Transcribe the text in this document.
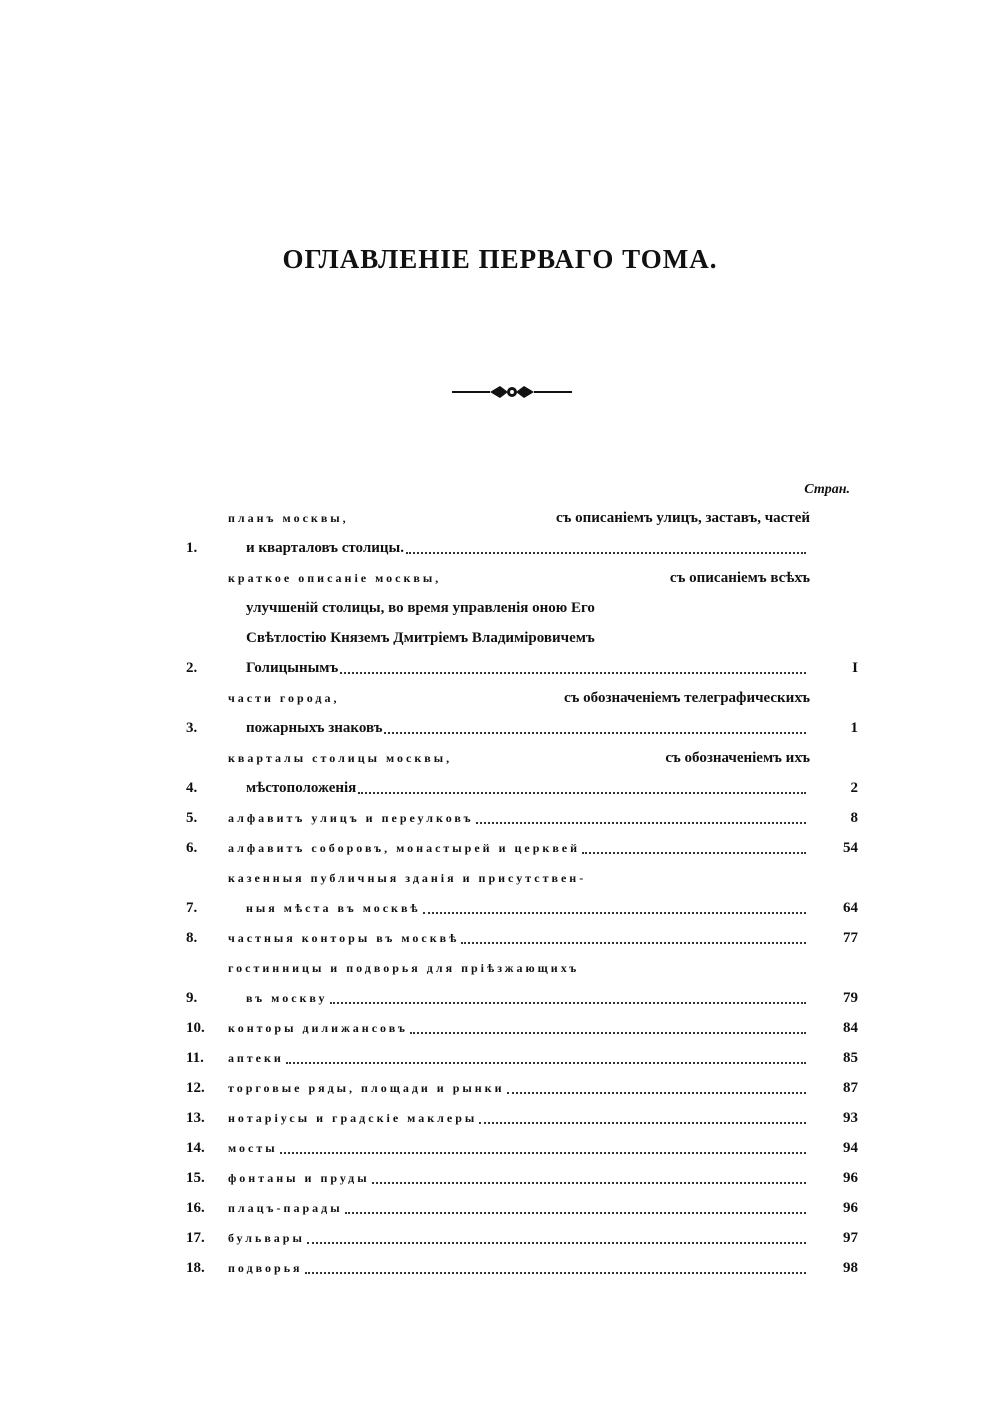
ОГЛАВЛЕНIЕ ПЕРВАГО ТОМА.
Стран.
1.
планъ москвы,	съ описанiемъ улицъ, заставъ, частей
и кварталовъ столицы.
2.
краткое описанiе москвы,	съ описанiемъ всѣхъ
улучшенiй столицы, во время управленiя оною Его
Свѣтлостiю Княземъ Дмитрiемъ Владимiровичемъ
Голицынымъ	I
3.
части города,	съ обозначенiемъ телеграфическихъ
пожарныхъ знаковъ	1
4.
кварталы столицы москвы,	съ обозначенiемъ ихъ
мѣстоположенiя	2
5.	алфавитъ улицъ и переулковъ	8
6.	алфавитъ соборовъ, монастырей и церквей	54
7.
казенныя публичныя зданiя и присутствен-
ныя мѣста въ москвѣ	64
8.	частныя конторы въ москвѣ	77
9.
гостинницы и подворья для прiѣзжающихъ
въ москву	79
10.	конторы дилижансовъ	84
11.	аптеки	85
12.	торговые ряды, площади и рынки	87
13.	нотарiусы и градскiе маклеры	93
14.	мосты	94
15.	фонтаны и пруды	96
16.	плацъ-парады	96
17.	бульвары	97
18.	подворья	98
